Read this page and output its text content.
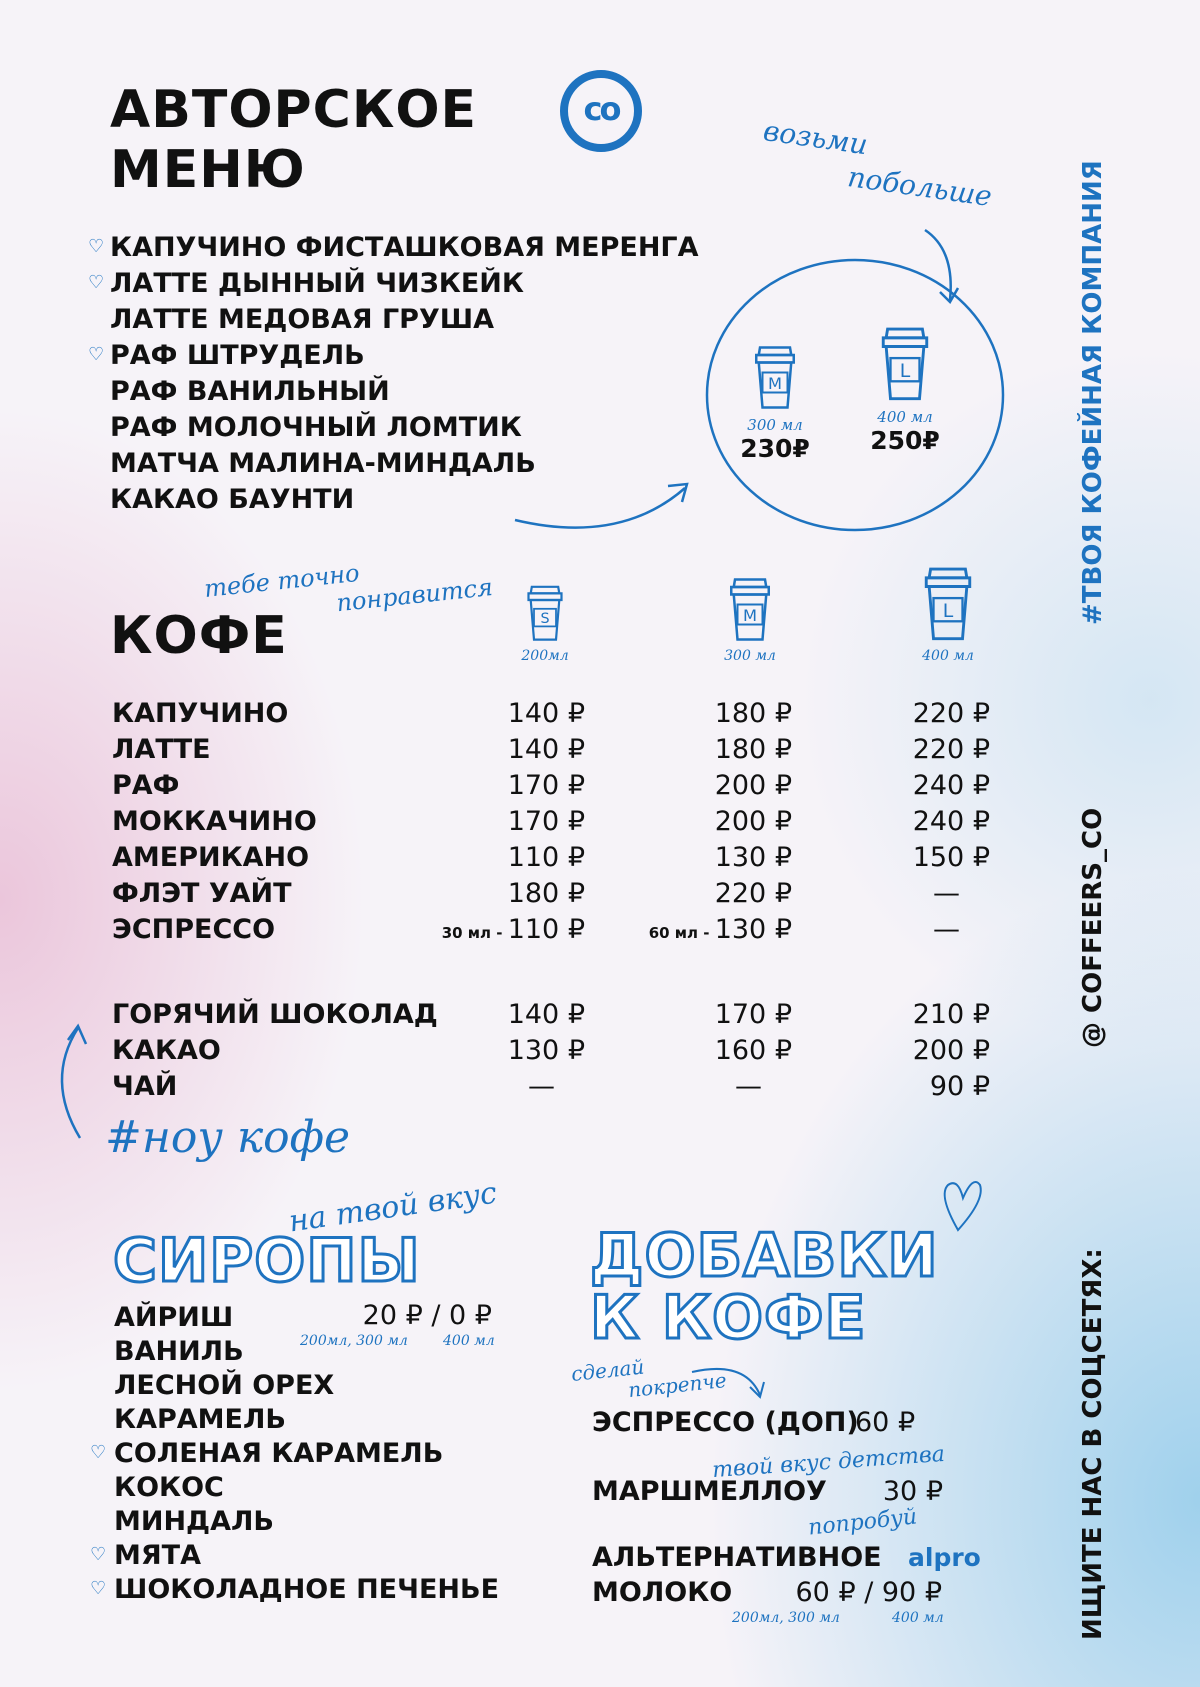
АВТОРСКОЕ
МЕНЮ
co
возьми
побольше
♡ КАПУЧИНО ФИСТАШКОВАЯ МЕРЕНГА
♡ ЛАТТЕ ДЫННЫЙ ЧИЗКЕЙК
ЛАТТЕ МЕДОВАЯ ГРУША
♡ РАФ ШТРУДЕЛЬ
РАФ ВАНИЛЬНЫЙ
РАФ МОЛОЧНЫЙ ЛОМТИК
МАТЧА МАЛИНА-МИНДАЛЬ
КАКАО БАУНТИ
M
300 мл
230₽
L
400 мл
250₽
тебе точно
понравится
КОФЕ	S
200мл
M
300 мл
L
400 мл
КАПУЧИНО	140 ₽	180 ₽	220 ₽
ЛАТТЕ	140 ₽	180 ₽	220 ₽
РАФ	170 ₽	200 ₽	240 ₽
МОККАЧИНО	170 ₽	200 ₽	240 ₽
АМЕРИКАНО	110 ₽	130 ₽	150 ₽
ФЛЭТ УАЙТ	180 ₽	220 ₽	—
ЭСПРЕССО	30 мл - 110 ₽	60 мл - 130 ₽	—
ГОРЯЧИЙ ШОКОЛАД	140 ₽	170 ₽	210 ₽
КАКАО	130 ₽	160 ₽	200 ₽
ЧАЙ	—	—	90 ₽
#ноу кофе
на твой вкус
СИРОПЫ
АЙРИШ
ВАНИЛЬ
ЛЕСНОЙ ОРЕХ
КАРАМЕЛЬ
♡ СОЛЕНАЯ КАРАМЕЛЬ
КОКОС
МИНДАЛЬ
♡ МЯТА
♡ ШОКОЛАДНОЕ ПЕЧЕНЬЕ
20 ₽ / 0 ₽
200мл, 300 мл	400 мл
ДОБАВКИ
К КОФЕ
сделай
покрепче
ЭСПРЕССО (ДОП)
60 ₽
твой вкус детства
МАРШМЕЛЛОУ	30 ₽
попробуй
АЛЬТЕРНАТИВНОЕ alpro
МОЛОКО	60 ₽ / 90 ₽
200мл, 300 мл	400 мл
#ТВОЯ КОФЕЙНАЯ КОМПАНИЯ
@ COFFEERS_CO
ИЩИТЕ НАС В СОЦСЕТЯХ:
